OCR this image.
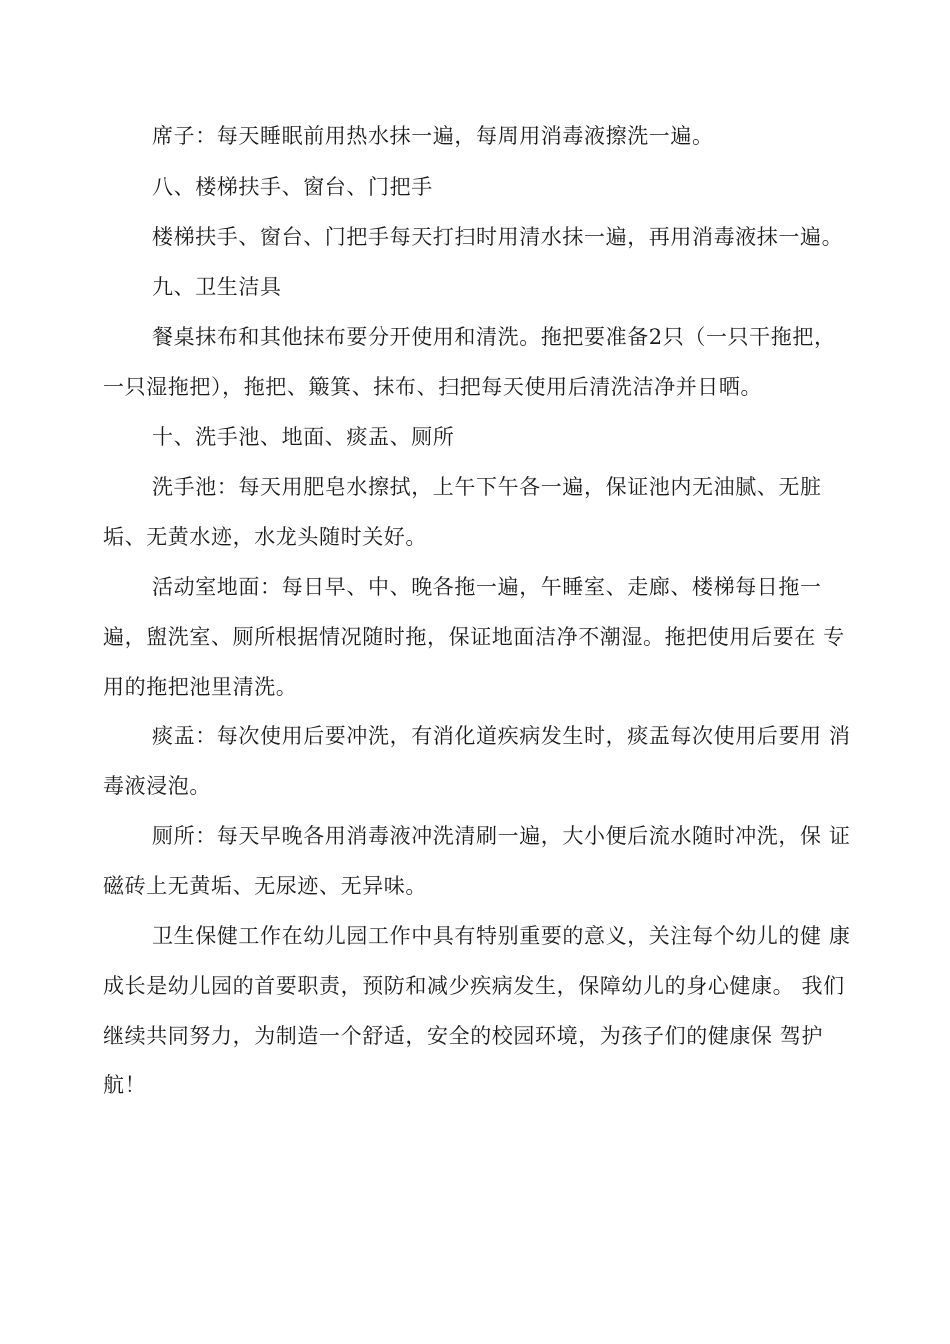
席子：每天睡眠前用热水抹一遍，每周用消毒液擦洗一遍。
八、楼梯扶手、窗台、门把手
楼梯扶手、窗台、门把手每天打扫时用清水抹一遍，再用消毒液抹一遍。
九、卫生洁具
餐桌抹布和其他抹布要分开使用和清洗。拖把要准备2只（一只干拖把，
一只湿拖把），拖把、簸箕、抹布、扫把每天使用后清洗洁净并日晒。
十、洗手池、地面、痰盂、厕所
洗手池：每天用肥皂水擦拭，上午下午各一遍，保证池内无油腻、无脏
垢、无黄水迹，水龙头随时关好。
活动室地面：每日早、中、晚各拖一遍，午睡室、走廊、楼梯每日拖一
遍，盥洗室、厕所根据情况随时拖，保证地面洁净不潮湿。拖把使用后要在 专
用的拖把池里清洗。
痰盂：每次使用后要冲洗，有消化道疾病发生时，痰盂每次使用后要用 消
毒液浸泡。
厕所：每天早晚各用消毒液冲洗清刷一遍，大小便后流水随时冲洗，保 证
磁砖上无黄垢、无尿迹、无异味。
卫生保健工作在幼儿园工作中具有特别重要的意义，关注每个幼儿的健 康
成长是幼儿园的首要职责，预防和减少疾病发生，保障幼儿的身心健康。 我们
继续共同努力，为制造一个舒适，安全的校园环境，为孩子们的健康保 驾护
航！
